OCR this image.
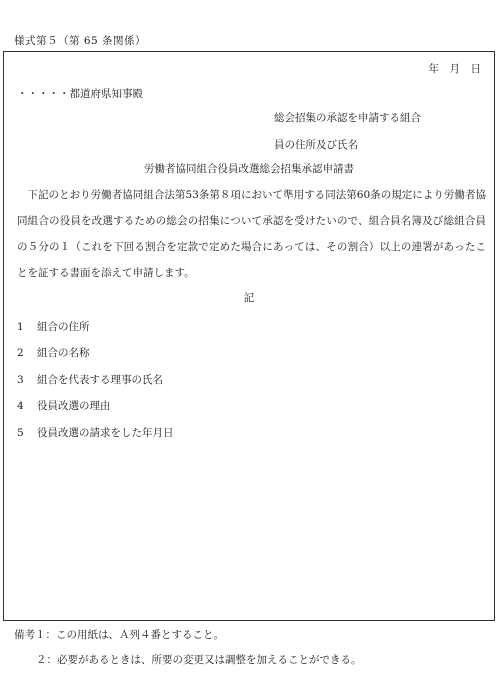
様式第５（第 65 条関係）
年　月　日
・・・・・都道府県知事殿
総会招集の承認を申請する組合
員の住所及び氏名
労働者協同組合役員改選総会招集承認申請書
下記のとおり労働者協同組合法第53条第８項において準用する同法第60条の規定により労働者協同組合の役員を改選するための総会の招集について承認を受けたいので、組合員名簿及び総組合員の５分の１（これを下回る割合を定款で定めた場合にあっては、その割合）以上の連署があったことを証する書面を添えて申請します。
記
1 組合の住所
2 組合の名称
3 組合を代表する理事の氏名
4 役員改選の理由
5 役員改選の請求をした年月日
備考１：この用紙は、Ａ列４番とすること。
２：必要があるときは、所要の変更又は調整を加えることができる。
